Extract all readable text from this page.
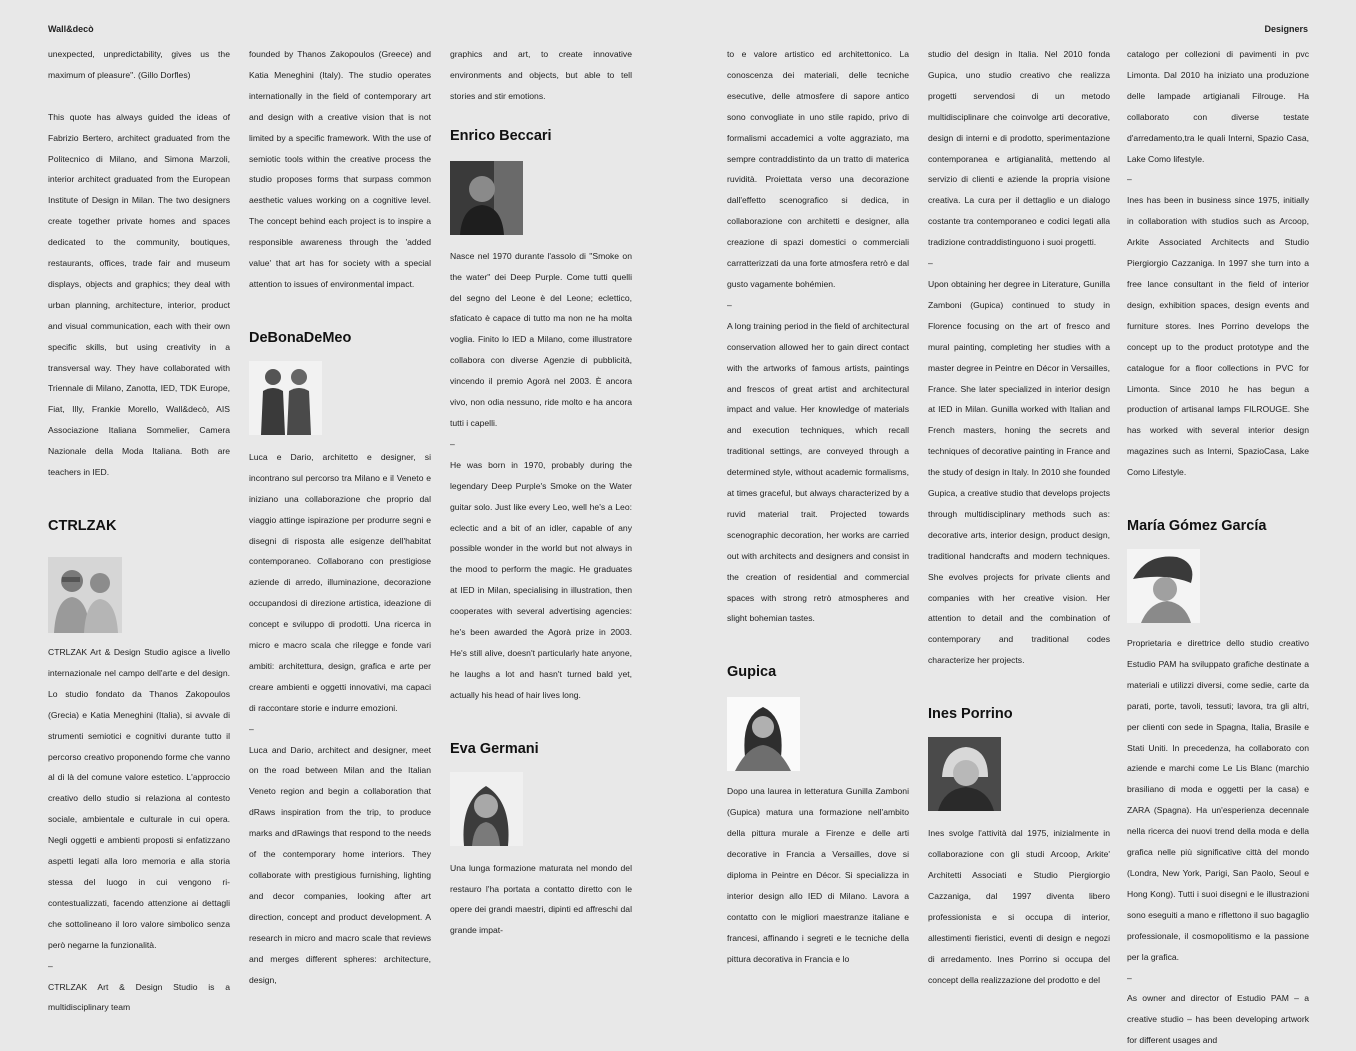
Wall&decò	Designers

unexpected, unpredictability, gives us the maximum of pleasure". (Gillo Dorfles)

This quote has always guided the ideas of Fabrizio Bertero, architect graduated from the Politecnico di Milano, and Simona Marzoli, interior architect graduated from the European Institute of Design in Milan. The two designers create together private homes and spaces dedicated to the community, boutiques, restaurants, offices, trade fair and museum displays, objects and graphics; they deal with urban planning, architecture, interior, product and visual communication, each with their own specific skills, but using creativity in a transversal way. They have collaborated with Triennale di Milano, Zanotta, IED, TDK Europe, Fiat, Illy, Frankie Morello, Wall&decò, AIS Associazione Italiana Sommelier, Camera Nazionale della Moda Italiana. Both are teachers in IED.

CTRLZAK

CTRLZAK Art & Design Studio agisce a livello internazionale nel campo dell'arte e del design. Lo studio fondato da Thanos Zakopoulos (Grecia) e Katia Meneghini (Italia), si avvale di strumenti semiotici e cognitivi durante tutto il percorso creativo proponendo forme che vanno al di là del comune valore estetico. L'approccio creativo dello studio si relaziona al contesto sociale, ambientale e culturale in cui opera. Negli oggetti e ambienti proposti si enfatizzano aspetti legati alla loro memoria e alla storia stessa del luogo in cui vengono ri-contestualizzati, facendo attenzione ai dettagli che sottolineano il loro valore simbolico senza però negarne la funzionalità.

–

CTRLZAK Art & Design Studio is a multidisciplinary team

founded by Thanos Zakopoulos (Greece) and Katia Meneghini (Italy). The studio operates internationally in the field of contemporary art and design with a creative vision that is not limited by a specific framework. With the use of semiotic tools within the creative process the studio proposes forms that surpass common aesthetic values working on a cognitive level. The concept behind each project is to inspire a responsible awareness through the 'added value' that art has for society with a special attention to issues of environmental impact.

DeBonaDeMeo

Luca e Dario, architetto e designer, si incontrano sul percorso tra Milano e il Veneto e iniziano una collaborazione che proprio dal viaggio attinge ispirazione per produrre segni e disegni di risposta alle esigenze dell'habitat contemporaneo. Collaborano con prestigiose aziende di arredo, illuminazione, decorazione occupandosi di direzione artistica, ideazione di concept e sviluppo di prodotti. Una ricerca in micro e macro scala che rilegge e fonde vari ambiti: architettura, design, grafica e arte per creare ambienti e oggetti innovativi, ma capaci di raccontare storie e indurre emozioni.

–

Luca and Dario, architect and designer, meet on the road between Milan and the Italian Veneto region and begin a collaboration that dRaws inspiration from the trip, to produce marks and dRawings that respond to the needs of the contemporary home interiors. They collaborate with prestigious furnishing, lighting and decor companies, looking after art direction, concept and product development. A research in micro and macro scale that reviews and merges different spheres: architecture, design,

graphics and art, to create innovative environments and objects, but able to tell stories and stir emotions.

Enrico Beccari

Nasce nel 1970 durante l'assolo di "Smoke on the water" dei Deep Purple. Come tutti quelli del segno del Leone è del Leone; eclettico, sfaticato è capace di tutto ma non ne ha molta voglia. Finito lo IED a Milano, come illustratore collabora con diverse Agenzie di pubblicità, vincendo il premio Agorà nel 2003. È ancora vivo, non odia nessuno, ride molto e ha ancora tutti i capelli.

–

He was born in 1970, probably during the legendary Deep Purple's Smoke on the Water guitar solo. Just like every Leo, well he's a Leo: eclectic and a bit of an idler, capable of any possible wonder in the world but not always in the mood to perform the magic. He graduates at IED in Milan, specialising in illustration, then cooperates with several advertising agencies: he's been awarded the Agorà prize in 2003. He's still alive, doesn't particularly hate anyone, he laughs a lot and hasn't turned bald yet, actually his head of hair lives long.

Eva Germani

Una lunga formazione maturata nel mondo del restauro l'ha portata a contatto diretto con le opere dei grandi maestri, dipinti ed affreschi dal grande impat-

to e valore artistico ed architettonico. La conoscenza dei materiali, delle tecniche esecutive, delle atmosfere di sapore antico sono convogliate in uno stile rapido, privo di formalismi accademici a volte aggraziato, ma sempre contraddistinto da un tratto di materica ruvidità. Proiettata verso una decorazione dall'effetto scenografico si dedica, in collaborazione con architetti e designer, alla creazione di spazi domestici o commerciali carratterizzati da una forte atmosfera retrò e dal gusto vagamente bohémien.

–

A long training period in the field of architectural conservation allowed her to gain direct contact with the artworks of famous artists, paintings and frescos of great artist and architectural impact and value. Her knowledge of materials and execution techniques, which recall traditional settings, are conveyed through a determined style, without academic formalisms, at times graceful, but always characterized by a ruvid material trait. Projected towards scenographic decoration, her works are carried out with architects and designers and consist in the creation of residential and commercial spaces with strong retrò atmospheres and slight bohemian tastes.

Gupica

Dopo una laurea in letteratura Gunilla Zamboni (Gupica) matura una formazione nell'ambito della pittura murale a Firenze e delle arti decorative in Francia a Versailles, dove si diploma in Peintre en Décor. Si specializza in interior design allo IED di Milano. Lavora a contatto con le migliori maestranze italiane e francesi, affinando i segreti e le tecniche della pittura decorativa in Francia e lo

studio del design in Italia. Nel 2010 fonda Gupica, uno studio creativo che realizza progetti servendosi di un metodo multidisciplinare che coinvolge arti decorative, design di interni e di prodotto, sperimentazione contemporanea e artigianalità, mettendo al servizio di clienti e aziende la propria visione creativa. La cura per il dettaglio e un dialogo costante tra contemporaneo e codici legati alla tradizione contraddistinguono i suoi progetti.

–

Upon obtaining her degree in Literature, Gunilla Zamboni (Gupica) continued to study in Florence focusing on the art of fresco and mural painting, completing her studies with a master degree in Peintre en Décor in Versailles, France. She later specialized in interior design at IED in Milan. Gunilla worked with Italian and French masters, honing the secrets and techniques of decorative painting in France and the study of design in Italy. In 2010 she founded Gupica, a creative studio that develops projects through multidisciplinary methods such as: decorative arts, interior design, product design, traditional handcrafts and modern techniques. She evolves projects for private clients and companies with her creative vision. Her attention to detail and the combination of contemporary and traditional codes characterize her projects.

Ines Porrino

Ines svolge l'attività dal 1975, inizialmente in collaborazione con gli studi Arcoop, Arkite' Architetti Associati e Studio Piergiorgio Cazzaniga, dal 1997 diventa libero professionista e si occupa di interior, allestimenti fieristici, eventi di design e negozi di arredamento. Ines Porrino si occupa del concept della realizzazione del prodotto e del

catalogo per collezioni di pavimenti in pvc Limonta. Dal 2010 ha iniziato una produzione delle lampade artigianali Filrouge. Ha collaborato con diverse testate d'arredamento,tra le quali Interni, Spazio Casa, Lake Como lifestyle.

–

Ines has been in business since 1975, initially in collaboration with studios such as Arcoop, Arkite Associated Architects and Studio Piergiorgio Cazzaniga. In 1997 she turn into a free lance consultant in the field of interior design, exhibition spaces, design events and furniture stores. Ines Porrino develops the concept up to the product prototype and the catalogue for a floor collections in PVC for Limonta. Since 2010 he has begun a production of artisanal lamps FILROUGE. She has worked with several interior design magazines such as Interni, SpazioCasa, Lake Como Lifestyle.

María Gómez García

Proprietaria e direttrice dello studio creativo Estudio PAM ha sviluppato grafiche destinate a materiali e utilizzi diversi, come sedie, carte da parati, porte, tavoli, tessuti; lavora, tra gli altri, per clienti con sede in Spagna, Italia, Brasile e Stati Uniti. In precedenza, ha collaborato con aziende e marchi come Le Lis Blanc (marchio brasiliano di moda e oggetti per la casa) e ZARA (Spagna). Ha un'esperienza decennale nella ricerca dei nuovi trend della moda e della grafica nelle più significative città del mondo (Londra, New York, Parigi, San Paolo, Seoul e Hong Kong). Tutti i suoi disegni e le illustrazioni sono eseguiti a mano e riflettono il suo bagaglio professionale, il cosmopolitismo e la passione per la grafica.

–

As owner and director of Estudio PAM – a creative studio – has been developing artwork for different usages and
